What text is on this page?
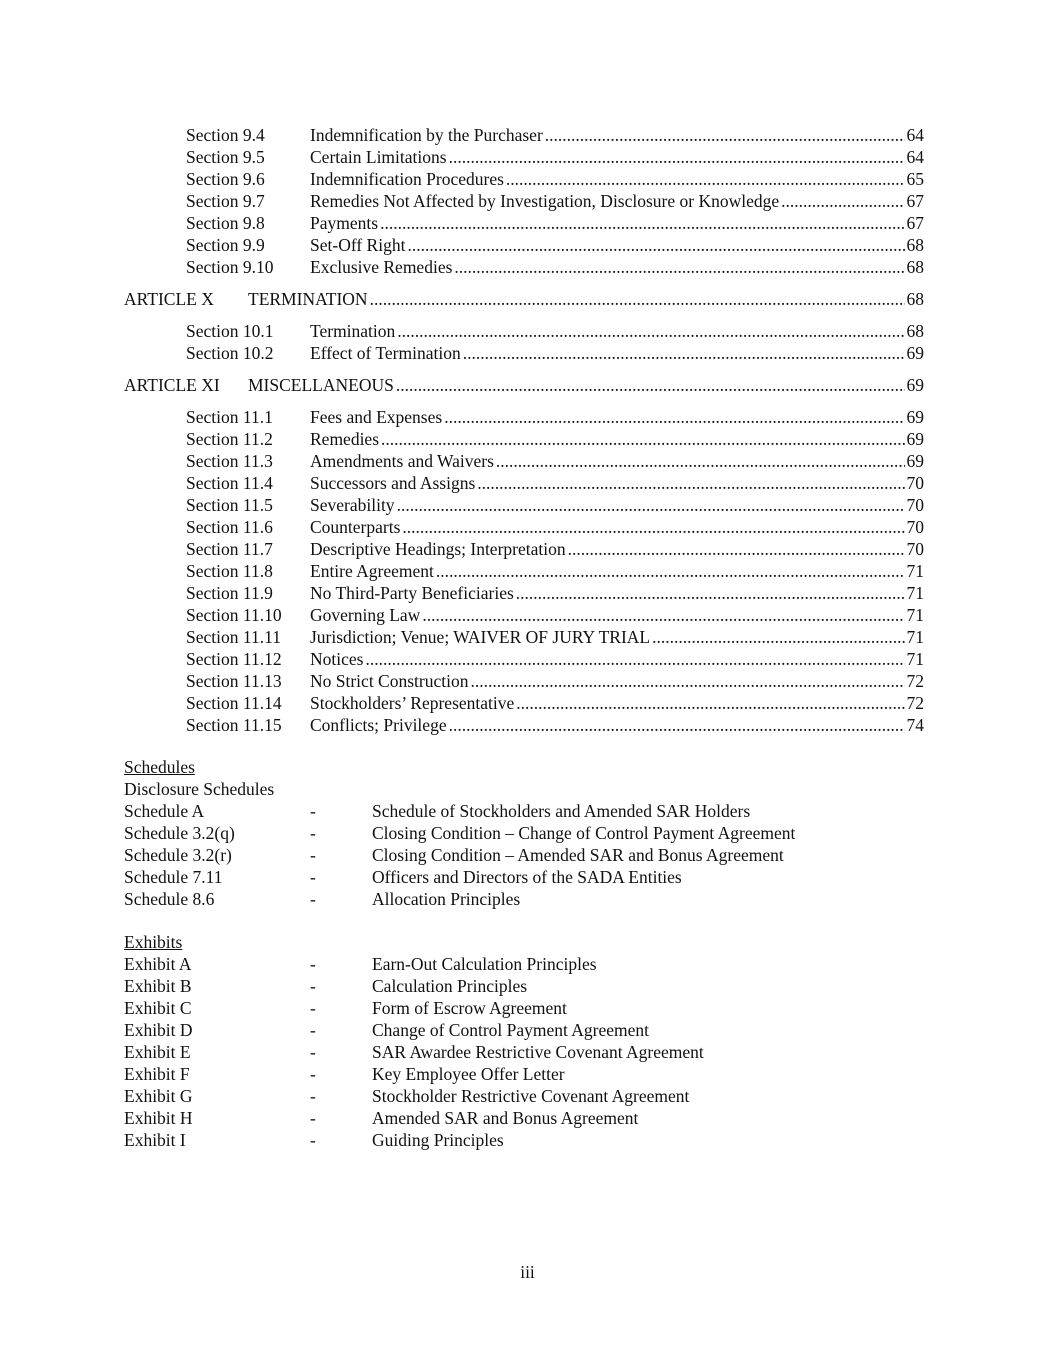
Section 9.4	Indemnification by the Purchaser .....	64
Section 9.5	Certain Limitations .....	64
Section 9.6	Indemnification Procedures .....	65
Section 9.7	Remedies Not Affected by Investigation, Disclosure or Knowledge .....	67
Section 9.8	Payments .....	67
Section 9.9	Set-Off Right .....	68
Section 9.10	Exclusive Remedies .....	68
ARTICLE X	TERMINATION .....	68
Section 10.1	Termination .....	68
Section 10.2	Effect of Termination .....	69
ARTICLE XI	MISCELLANEOUS .....	69
Section 11.1	Fees and Expenses .....	69
Section 11.2	Remedies .....	69
Section 11.3	Amendments and Waivers .....	69
Section 11.4	Successors and Assigns .....	70
Section 11.5	Severability .....	70
Section 11.6	Counterparts .....	70
Section 11.7	Descriptive Headings; Interpretation .....	70
Section 11.8	Entire Agreement .....	71
Section 11.9	No Third-Party Beneficiaries .....	71
Section 11.10	Governing Law .....	71
Section 11.11	Jurisdiction; Venue; WAIVER OF JURY TRIAL .....	71
Section 11.12	Notices .....	71
Section 11.13	No Strict Construction .....	72
Section 11.14	Stockholders’ Representative .....	72
Section 11.15	Conflicts; Privilege .....	74
Schedules
Disclosure Schedules
Schedule A	-	Schedule of Stockholders and Amended SAR Holders
Schedule 3.2(q)	-	Closing Condition – Change of Control Payment Agreement
Schedule 3.2(r)	-	Closing Condition – Amended SAR and Bonus Agreement
Schedule 7.11	-	Officers and Directors of the SADA Entities
Schedule 8.6	-	Allocation Principles
Exhibits
Exhibit A	-	Earn-Out Calculation Principles
Exhibit B	-	Calculation Principles
Exhibit C	-	Form of Escrow Agreement
Exhibit D	-	Change of Control Payment Agreement
Exhibit E	-	SAR Awardee Restrictive Covenant Agreement
Exhibit F	-	Key Employee Offer Letter
Exhibit G	-	Stockholder Restrictive Covenant Agreement
Exhibit H	-	Amended SAR and Bonus Agreement
Exhibit I	-	Guiding Principles
iii
